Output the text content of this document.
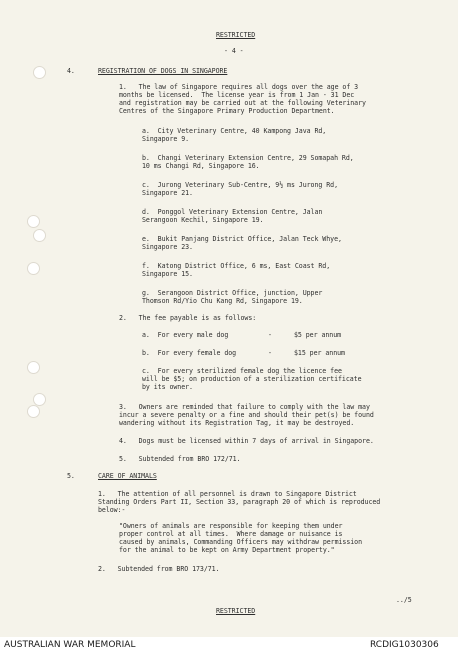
RESTRICTED

- 4 -

4.	REGISTRATION OF DOGS IN SINGAPORE

1.   The law of Singapore requires all dogs over the age of 3

months be licensed.  The license year is from 1 Jan - 31 Dec

and registration may be carried out at the following Veterinary

Centres of the Singapore Primary Production Department.

a.  City Veterinary Centre, 40 Kampong Java Rd,

Singapore 9.

b.  Changi Veterinary Extension Centre, 29 Somapah Rd,

10 ms Changi Rd, Singapore 16.

c.  Jurong Veterinary Sub-Centre, 9½ ms Jurong Rd,

Singapore 21.

d.  Ponggol Veterinary Extension Centre, Jalan

Serangoon Kechil, Singapore 19.

e.  Bukit Panjang District Office, Jalan Teck Whye,

Singapore 23.

f.  Katong District Office, 6 ms, East Coast Rd,

Singapore 15.

g.  Serangoon District Office, junction, Upper

Thomson Rd/Yio Chu Kang Rd, Singapore 19.

2.   The fee payable is as follows:

a.  For every male dog	-	$5 per annum

b.  For every female dog	-	$15 per annum

c.  For every sterilized female dog the licence fee

will be $5; on production of a sterilization certificate

by its owner.

3.   Owners are reminded that failure to comply with the law may

incur a severe penalty or a fine and should their pet(s) be found

wandering without its Registration Tag, it may be destroyed.

4.   Dogs must be licensed within 7 days of arrival in Singapore.

5.   Subtended from BRO 172/71.

5.	CARE OF ANIMALS

1.   The attention of all personnel is drawn to Singapore District

Standing Orders Part II, Section 33, paragraph 20 of which is reproduced

below:-

"Owners of animals are responsible for keeping them under

proper control at all times.  Where damage or nuisance is

caused by animals, Commanding Officers may withdraw permission

for the animal to be kept on Army Department property."

2.   Subtended from BRO 173/71.

../5

RESTRICTED

AUSTRALIAN WAR MEMORIAL	RCDIG1030306
